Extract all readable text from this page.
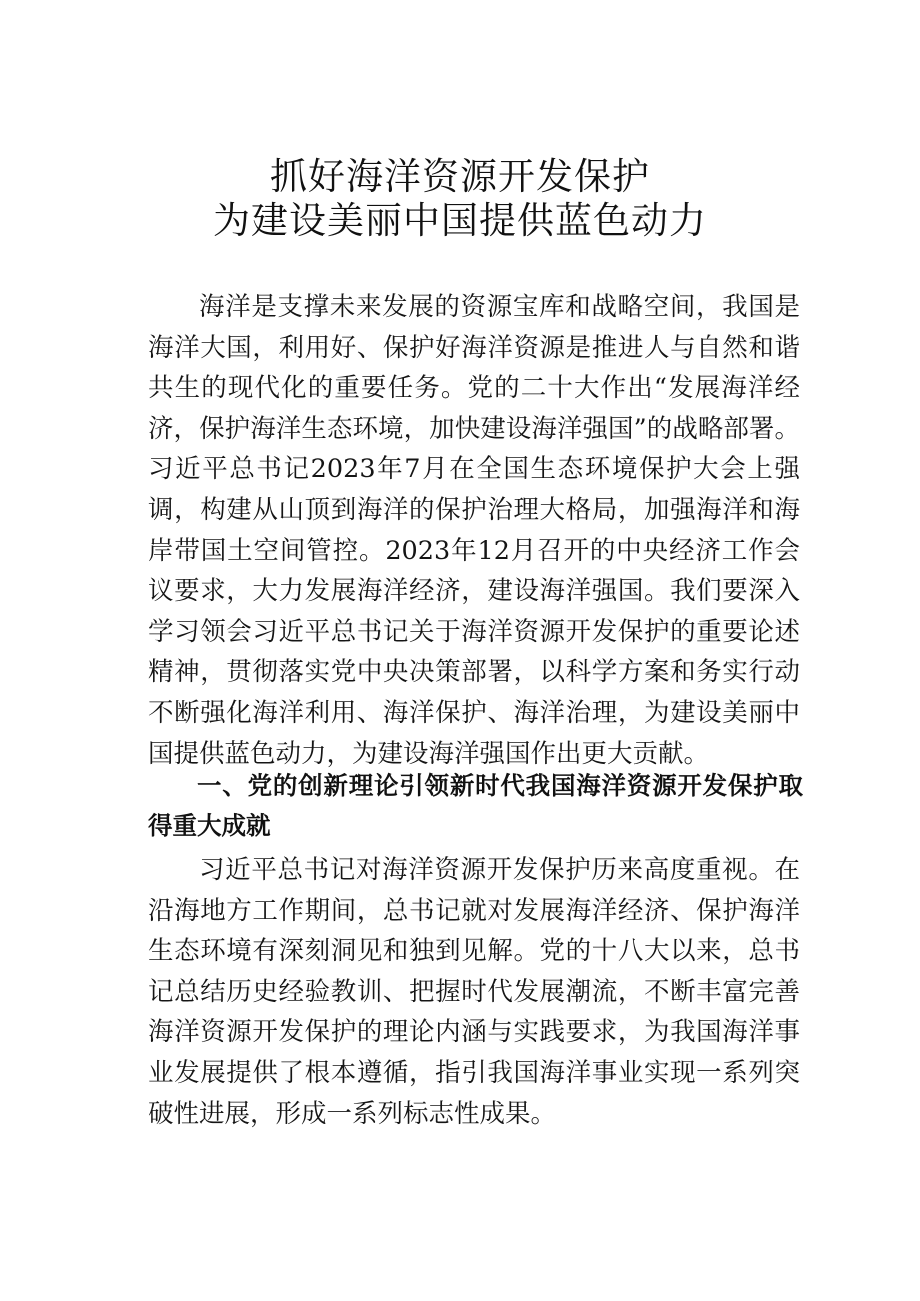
抓好海洋资源开发保护
为建设美丽中国提供蓝色动力

海洋是支撑未来发展的资源宝库和战略空间，我国是海洋大国，利用好、保护好海洋资源是推进人与自然和谐共生的现代化的重要任务。党的二十大作出“发展海洋经济，保护海洋生态环境，加快建设海洋强国”的战略部署。习近平总书记2023年7月在全国生态环境保护大会上强调，构建从山顶到海洋的保护治理大格局，加强海洋和海岸带国土空间管控。2023年12月召开的中央经济工作会议要求，大力发展海洋经济，建设海洋强国。我们要深入学习领会习近平总书记关于海洋资源开发保护的重要论述精神，贯彻落实党中央决策部署，以科学方案和务实行动不断强化海洋利用、海洋保护、海洋治理，为建设美丽中国提供蓝色动力，为建设海洋强国作出更大贡献。

一、党的创新理论引领新时代我国海洋资源开发保护取得重大成就

习近平总书记对海洋资源开发保护历来高度重视。在沿海地方工作期间，总书记就对发展海洋经济、保护海洋生态环境有深刻洞见和独到见解。党的十八大以来，总书记总结历史经验教训、把握时代发展潮流，不断丰富完善海洋资源开发保护的理论内涵与实践要求，为我国海洋事业发展提供了根本遵循，指引我国海洋事业实现一系列突破性进展，形成一系列标志性成果。
